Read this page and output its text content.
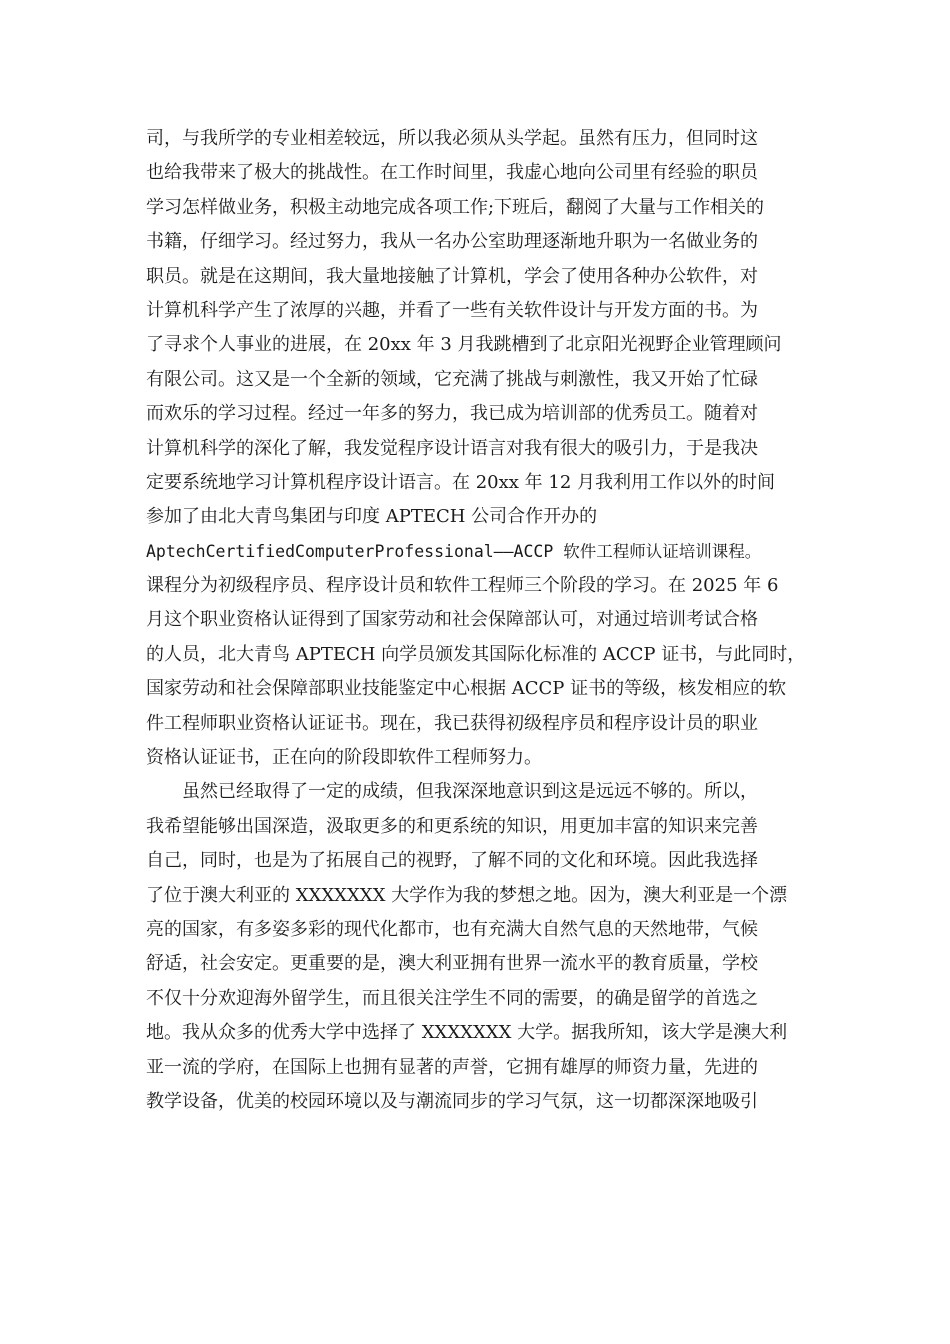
司，与我所学的专业相差较远，所以我必须从头学起。虽然有压力，但同时这
也给我带来了极大的挑战性。在工作时间里，我虚心地向公司里有经验的职员
学习怎样做业务，积极主动地完成各项工作;下班后，翻阅了大量与工作相关的
书籍，仔细学习。经过努力，我从一名办公室助理逐渐地升职为一名做业务的
职员。就是在这期间，我大量地接触了计算机，学会了使用各种办公软件，对
计算机科学产生了浓厚的兴趣，并看了一些有关软件设计与开发方面的书。为
了寻求个人事业的进展，在 20xx 年 3 月我跳槽到了北京阳光视野企业管理顾问
有限公司。这又是一个全新的领域，它充满了挑战与刺激性，我又开始了忙碌
而欢乐的学习过程。经过一年多的努力，我已成为培训部的优秀员工。随着对
计算机科学的深化了解，我发觉程序设计语言对我有很大的吸引力，于是我决
定要系统地学习计算机程序设计语言。在 20xx 年 12 月我利用工作以外的时间
参加了由北大青鸟集团与印度 APTECH 公司合作开办的
AptechCertifiedComputerProfessional——ACCP 软件工程师认证培训课程。
课程分为初级程序员、程序设计员和软件工程师三个阶段的学习。在 2025 年 6
月这个职业资格认证得到了国家劳动和社会保障部认可，对通过培训考试合格
的人员，北大青鸟 APTECH 向学员颁发其国际化标准的 ACCP 证书，与此同时，
国家劳动和社会保障部职业技能鉴定中心根据 ACCP 证书的等级，核发相应的软
件工程师职业资格认证证书。现在，我已获得初级程序员和程序设计员的职业
资格认证证书，正在向的阶段即软件工程师努力。
虽然已经取得了一定的成绩，但我深深地意识到这是远远不够的。所以，
我希望能够出国深造，汲取更多的和更系统的知识，用更加丰富的知识来完善
自己，同时，也是为了拓展自己的视野，了解不同的文化和环境。因此我选择
了位于澳大利亚的 XXXXXXX 大学作为我的梦想之地。因为，澳大利亚是一个漂
亮的国家，有多姿多彩的现代化都市，也有充满大自然气息的天然地带，气候
舒适，社会安定。更重要的是，澳大利亚拥有世界一流水平的教育质量，学校
不仅十分欢迎海外留学生，而且很关注学生不同的需要，的确是留学的首选之
地。我从众多的优秀大学中选择了 XXXXXXX 大学。据我所知，该大学是澳大利
亚一流的学府，在国际上也拥有显著的声誉，它拥有雄厚的师资力量，先进的
教学设备，优美的校园环境以及与潮流同步的学习气氛，这一切都深深地吸引
